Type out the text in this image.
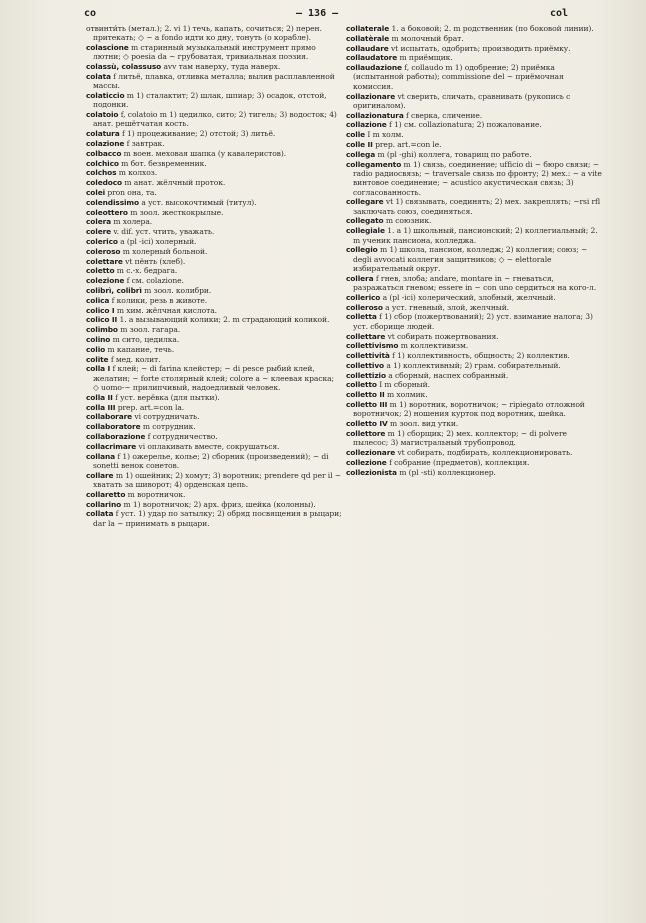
co	— 136 —	col

отвинти́ть (метал.); 2. vi 1) течь, капать, сочиться; 2) перен. притекать; ◇ ~ a fondo идти ко дну, тонуть (о корабле).

colascione m старинный музыкальный инструмент прямо лютни; ◇ poesia da ~ грубоватая, тривиальная поэзия.

colassù, colassuso avv там наверху, туда наверх.

colata f литьё, плавка, отливка металла; вылив расплавленной массы.

colaticcio m 1) сталактит; 2) шлак, шпиар; 3) осадок, отстой, подонки.

colatoio f, colatoio m 1) цедилко, сито; 2) тигель; 3) водосток; 4) анат. решётчатая кость.

colatura f 1) процеживание; 2) отстой; 3) литьё.

colazione f завтрак.

colbacco m воен. меховая шапка (у кавалеристов).

colchico m бот. безвременник.

colchos m колхоз.

coledoco m анат. жёлчный проток.

colei pron она, та.

colendissimo a уст. высокочтимый (титул).

coleottero m зоол. жесткокрылые.

colera m холера.

colere v. dif. уст. чтить, уважать.

colerico a (pl -ici) холерный.

coleroso m холерный больной.

colettare vt пёнть (хлеб).

coletto m c.-x. бедрага.

colezione f см. colazione.

colibrì, colibrì m зоол. колибри.

colica f колики, резь в животе.

colico I m хим. жёлчная кислота.

colico II 1. a вызывающий колики; 2. m страдающий коликой.

colimbo m зоол. гагара.

colino m сито, цедилка.

colio m капание, течь.

colite f мед. колит.

colla I f клей; ~ di farina клейстер; ~ di pesce рыбий клей, желатин; ~ forte столярный клей; colore a ~ клеевая краска; ◇ uomo-~ прилипчивый, надоедливый человек.

colla II f уст. верёвка (для пытки).

colla III prep. art.=con la.

collaborare vi сотрудничать.

collaboratore m сотрудник.

collaborazione f сотрудничество.

collacrimare vi оплакивать вместе, сокрушаться.

collana f 1) ожерелье, колье; 2) сборник (произведений); ~ di sonetti венок сонетов.

collare m 1) ошейник; 2) хомут; 3) воротник; prendere qd per il ~ хватать за шиворот; 4) орденская цепь.

collaretto m воротничок.

collarino m 1) воротничок; 2) арх. фриз, шейка (колонны).

collata f уст. 1) удар по затылку; 2) обряд посвящения в рыцари; dar la ~ принимать в рыцари.

collaterale 1. a боковой; 2. m родственник (по боковой линии).

collatèrale m молочный брат.

collaudare vt испытать, одобрить; производить приёмку.

collaudatore m приёмщик.

collaudazione f, collaudo m 1) одобрение; 2) приёмка (испытанной работы); commissione del ~ приёмочная комиссия.

collazionare vt сверить, сличать, сравнивать (рукопись с оригиналом).

collazionatura f сверка, сличение.

collazione f 1) см. collazionatura; 2) пожалование.

colle I m холм.

colle II prep. art.=con le.

collega m (pl -ghi) коллега, товарищ по работе.

collegamento m 1) связь, соединение; ufficio di ~ бюро связи; ~ radio радиосвязь; ~ traversale связь по фронту; 2) мех.: ~ a vite винтовое соединение; ~ acustico акустическая связь; 3) согласованность.

collegare vt 1) связывать, соединять; 2) мех. закреплять; ~rsi rfl заключать союз, соединяться.

collegato m союзник.

collegiale 1. a 1) школьный, пансионский; 2) коллегиальный; 2. m ученик пансиона, колледжа.

collegio m 1) школа, пансион, колледж; 2) коллегия; союз; ~ degli avvocati коллегия защитников; ◇ ~ elettorale избирательный округ.

collera f гнев, злоба; andare, montare in ~ гневаться, разражаться гневом; essere in ~ con uno сердиться на кого-л.

collerico a (pl -ici) холерический, злобный, желчный.

colleroso a уст. гневный, злой, желчный.

colletta f 1) сбор (пожертвований); 2) уст. взимание налога; 3) уст. сборище людей.

collettare vt собирать пожертвования.

collettivismo m коллективизм.

collettività f 1) коллективность, общность; 2) коллектив.

collettivo a 1) коллективный; 2) грам. собирательный.

collettizio a сборный, наспех собранный.

colletto I m сборный.

colletto II m холмик.

colletto III m 1) воротник, воротничок; ~ ripiegato отложной воротничок; 2) ношения курток под воротник, шейка.

colletto IV m зоол. вид утки.

collettore m 1) сборщик; 2) мех. коллектор; ~ di polvere пылесос; 3) магистральный трубопровод.

collezionare vt собирать, подбирать, коллекционировать.

collezione f собрание (предметов), коллекция.

collezionista m (pl -sti) коллекционер.
